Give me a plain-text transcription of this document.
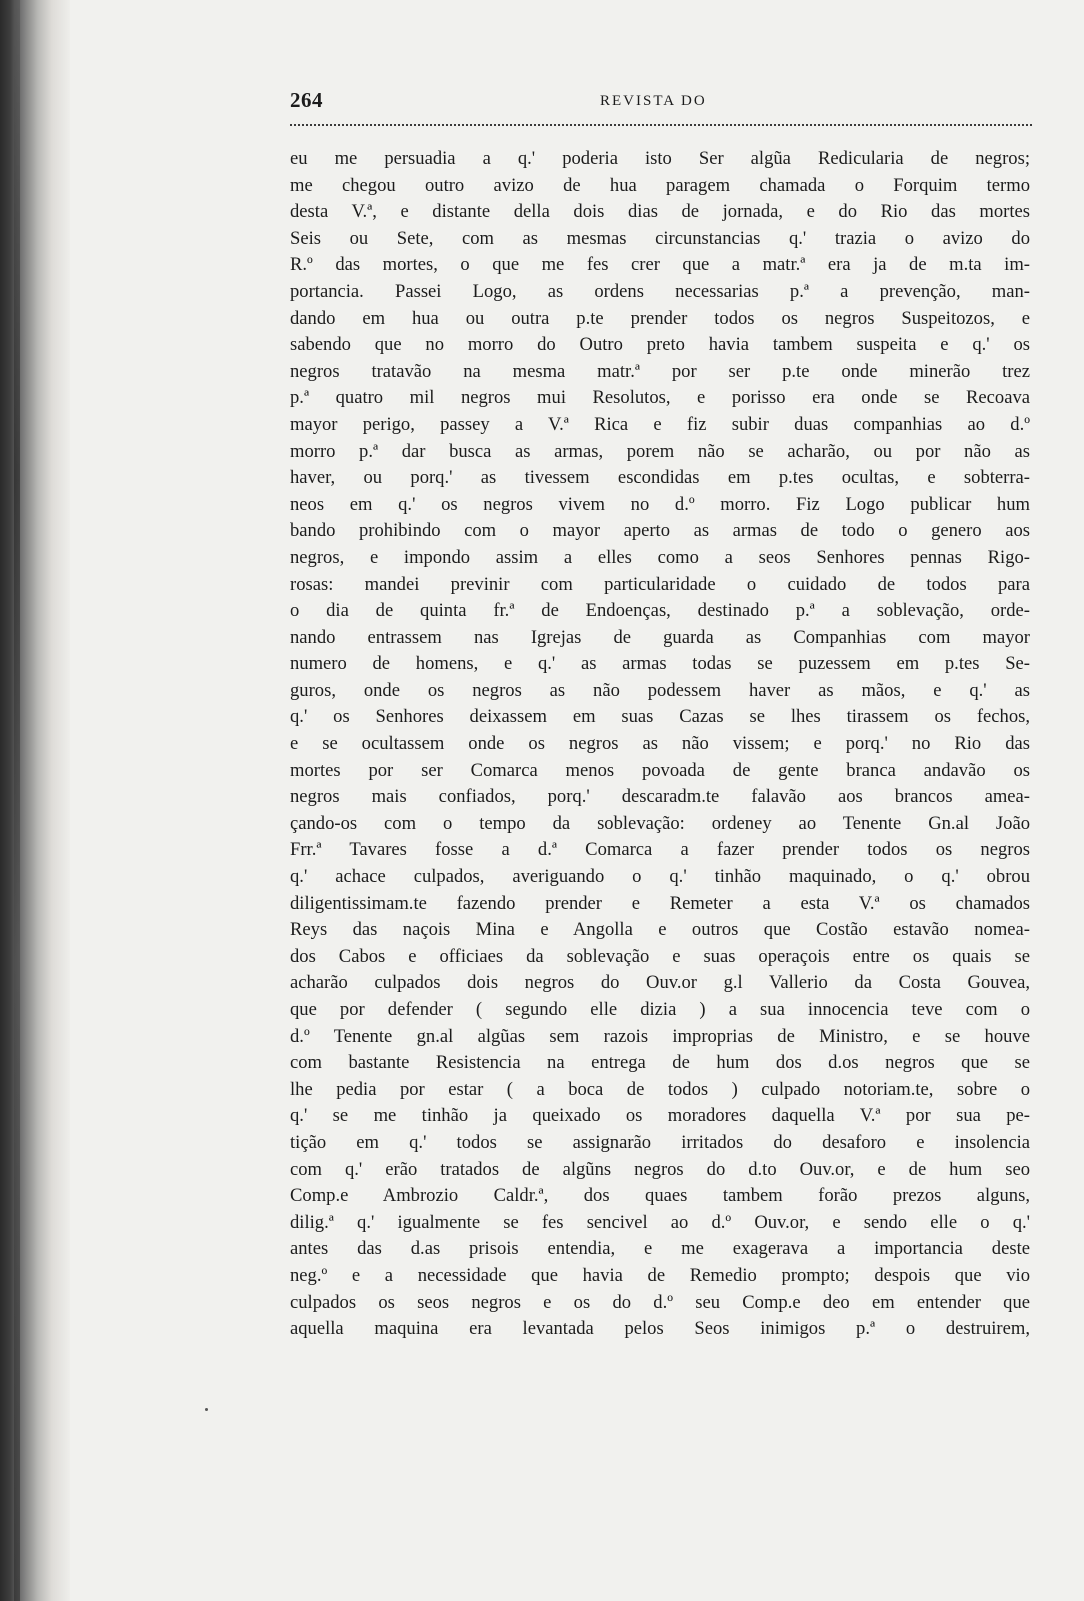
264	REVISTA DO
eu me persuadia a q.' poderia isto Ser algũa Redicularia de negros;
me chegou outro avizo de hua paragem chamada o Forquim termo
desta V.ª, e distante della dois dias de jornada, e do Rio das mortes
Seis ou Sete, com as mesmas circunstancias q.' trazia o avizo do
R.º das mortes, o que me fes crer que a matr.ª era ja de m.ta im-
portancia. Passei Logo, as ordens necessarias p.ª a prevenção, man-
dando em hua ou outra p.te prender todos os negros Suspeitozos, e
sabendo que no morro do Outro preto havia tambem suspeita e q.' os
negros tratavão na mesma matr.ª por ser p.te onde minerão trez
p.ª quatro mil negros mui Resolutos, e porisso era onde se Recoava
mayor perigo, passey a V.ª Rica e fiz subir duas companhias ao d.º
morro p.ª dar busca as armas, porem não se acharão, ou por não as
haver, ou porq.' as tivessem escondidas em p.tes ocultas, e sobterra-
neos em q.' os negros vivem no d.º morro. Fiz Logo publicar hum
bando prohibindo com o mayor aperto as armas de todo o genero aos
negros, e impondo assim a elles como a seos Senhores pennas Rigo-
rosas: mandei previnir com particularidade o cuidado de todos para
o dia de quinta fr.ª de Endoenças, destinado p.ª a soblevação, orde-
nando entrassem nas Igrejas de guarda as Companhias com mayor
numero de homens, e q.' as armas todas se puzessem em p.tes Se-
guros, onde os negros as não podessem haver as mãos, e q.' as
q.' os Senhores deixassem em suas Cazas se lhes tirassem os fechos,
e se ocultassem onde os negros as não vissem; e porq.' no Rio das
mortes por ser Comarca menos povoada de gente branca andavão os
negros mais confiados, porq.' descaradm.te falavão aos brancos amea-
çando-os com o tempo da soblevação: ordeney ao Tenente Gn.al João
Frr.ª Tavares fosse a d.ª Comarca a fazer prender todos os negros
q.' achace culpados, averiguando o q.' tinhão maquinado, o q.' obrou
diligentissimam.te fazendo prender e Remeter a esta V.ª os chamados
Reys das naçois Mina e Angolla e outros que Costão estavão nomea-
dos Cabos e officiaes da soblevação e suas operaçois entre os quais se
acharão culpados dois negros do Ouv.or g.l Vallerio da Costa Gouvea,
que por defender ( segundo elle dizia ) a sua innocencia teve com o
d.º Tenente gn.al algũas sem razois improprias de Ministro, e se houve
com bastante Resistencia na entrega de hum dos d.os negros que se
lhe pedia por estar ( a boca de todos ) culpado notoriam.te, sobre o
q.' se me tinhão ja queixado os moradores daquella V.ª por sua pe-
tição em q.' todos se assignarão irritados do desaforo e insolencia
com q.' erão tratados de algũns negros do d.to Ouv.or, e de hum seo
Comp.e Ambrozio Caldr.ª, dos quaes tambem forão prezos alguns,
dilig.ª q.' igualmente se fes sencivel ao d.º Ouv.or, e sendo elle o q.'
antes das d.as prisois entendia, e me exagerava a importancia deste
neg.º e a necessidade que havia de Remedio prompto; despois que vio
culpados os seos negros e os do d.º seu Comp.e deo em entender que
aquella maquina era levantada pelos Seos inimigos p.ª o destruirem,
